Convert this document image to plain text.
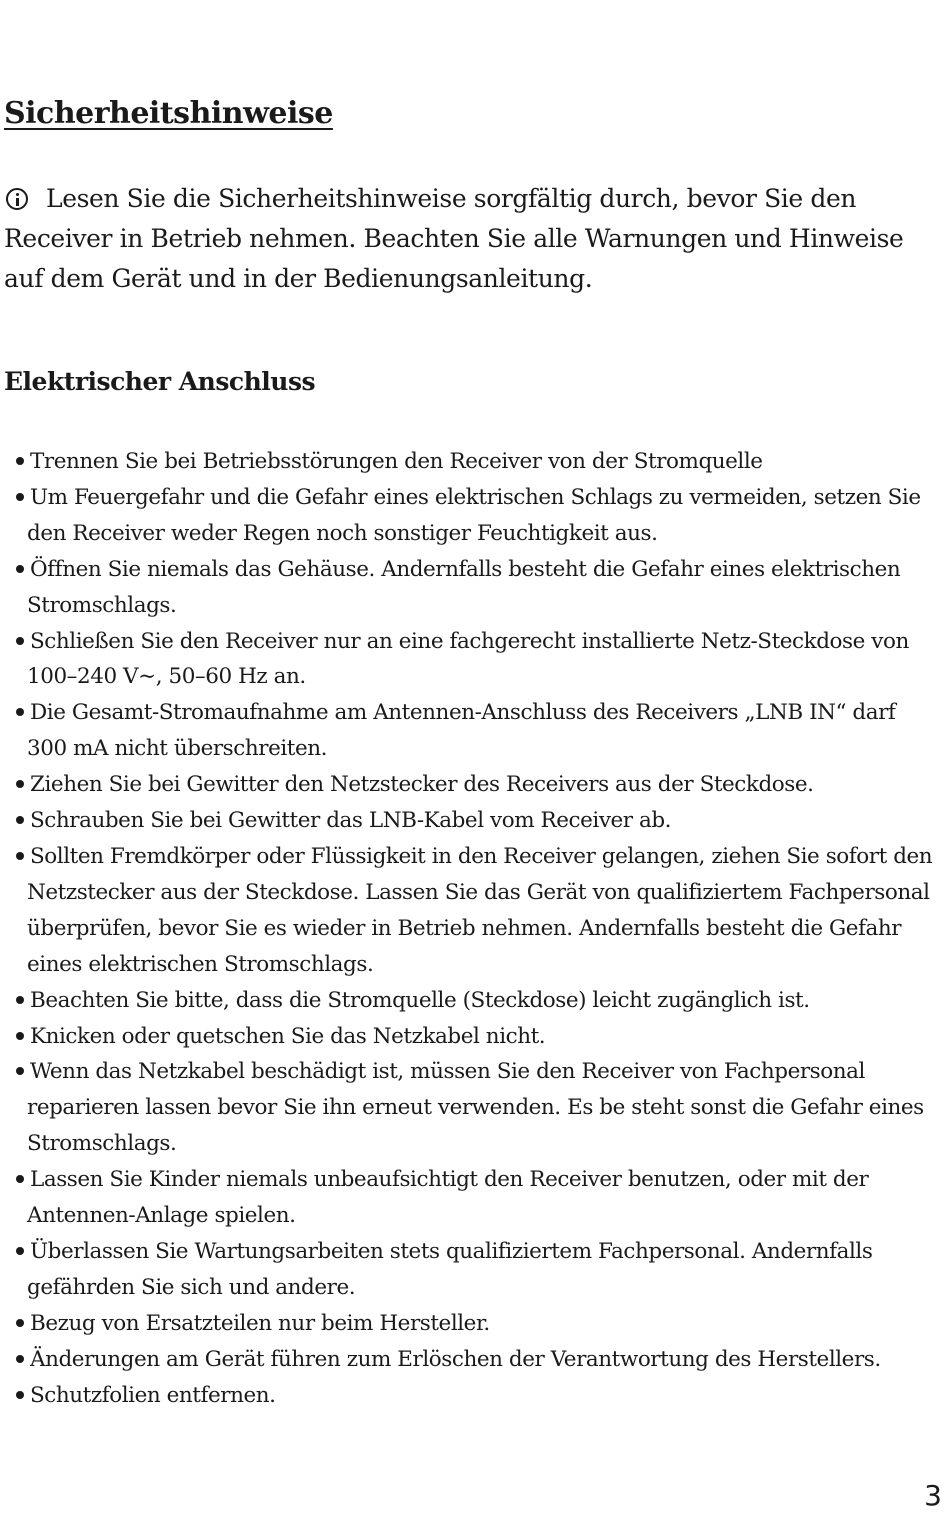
Sicherheitshinweise

Lesen Sie die Sicherheitshinweise sorgfältig durch, bevor Sie den Receiver in Betrieb nehmen. Beachten Sie alle Warnungen und Hinweise auf dem Gerät und in der Bedienungsanleitung.

Elektrischer Anschluss
Trennen Sie bei Betriebsstörungen den Receiver von der Stromquelle
Um Feuergefahr und die Gefahr eines elektrischen Schlags zu vermeiden, setzen Sie den Receiver weder Regen noch sonstiger Feuchtigkeit aus.
Öffnen Sie niemals das Gehäuse. Andernfalls besteht die Gefahr eines elektrischen Stromschlags.
Schließen Sie den Receiver nur an eine fachgerecht installierte Netz-Steckdose von 100–240 V∼, 50–60 Hz an.
Die Gesamt-Stromaufnahme am Antennen-Anschluss des Receivers „LNB IN“ darf 300 mA nicht überschreiten.
Ziehen Sie bei Gewitter den Netzstecker des Receivers aus der Steckdose.
Schrauben Sie bei Gewitter das LNB-Kabel vom Receiver ab.
Sollten Fremdkörper oder Flüssigkeit in den Receiver gelangen, ziehen Sie sofort den Netzstecker aus der Steckdose. Lassen Sie das Gerät von qualifiziertem Fachpersonal überprüfen, bevor Sie es wieder in Betrieb nehmen. Andernfalls besteht die Gefahr eines elektrischen Stromschlags.
Beachten Sie bitte, dass die Stromquelle (Steckdose) leicht zugänglich ist.
Knicken oder quetschen Sie das Netzkabel nicht.
Wenn das Netzkabel beschädigt ist, müssen Sie den Receiver von Fachpersonal reparieren lassen bevor Sie ihn erneut verwenden. Es be steht sonst die Gefahr eines Stromschlags.
Lassen Sie Kinder niemals unbeaufsichtigt den Receiver benutzen, oder mit der Antennen-Anlage spielen.
Überlassen Sie Wartungsarbeiten stets qualifiziertem Fachpersonal. Andernfalls gefährden Sie sich und andere.
Bezug von Ersatzteilen nur beim Hersteller.
Änderungen am Gerät führen zum Erlöschen der Verantwortung des Herstellers.
Schutzfolien entfernen.

3
